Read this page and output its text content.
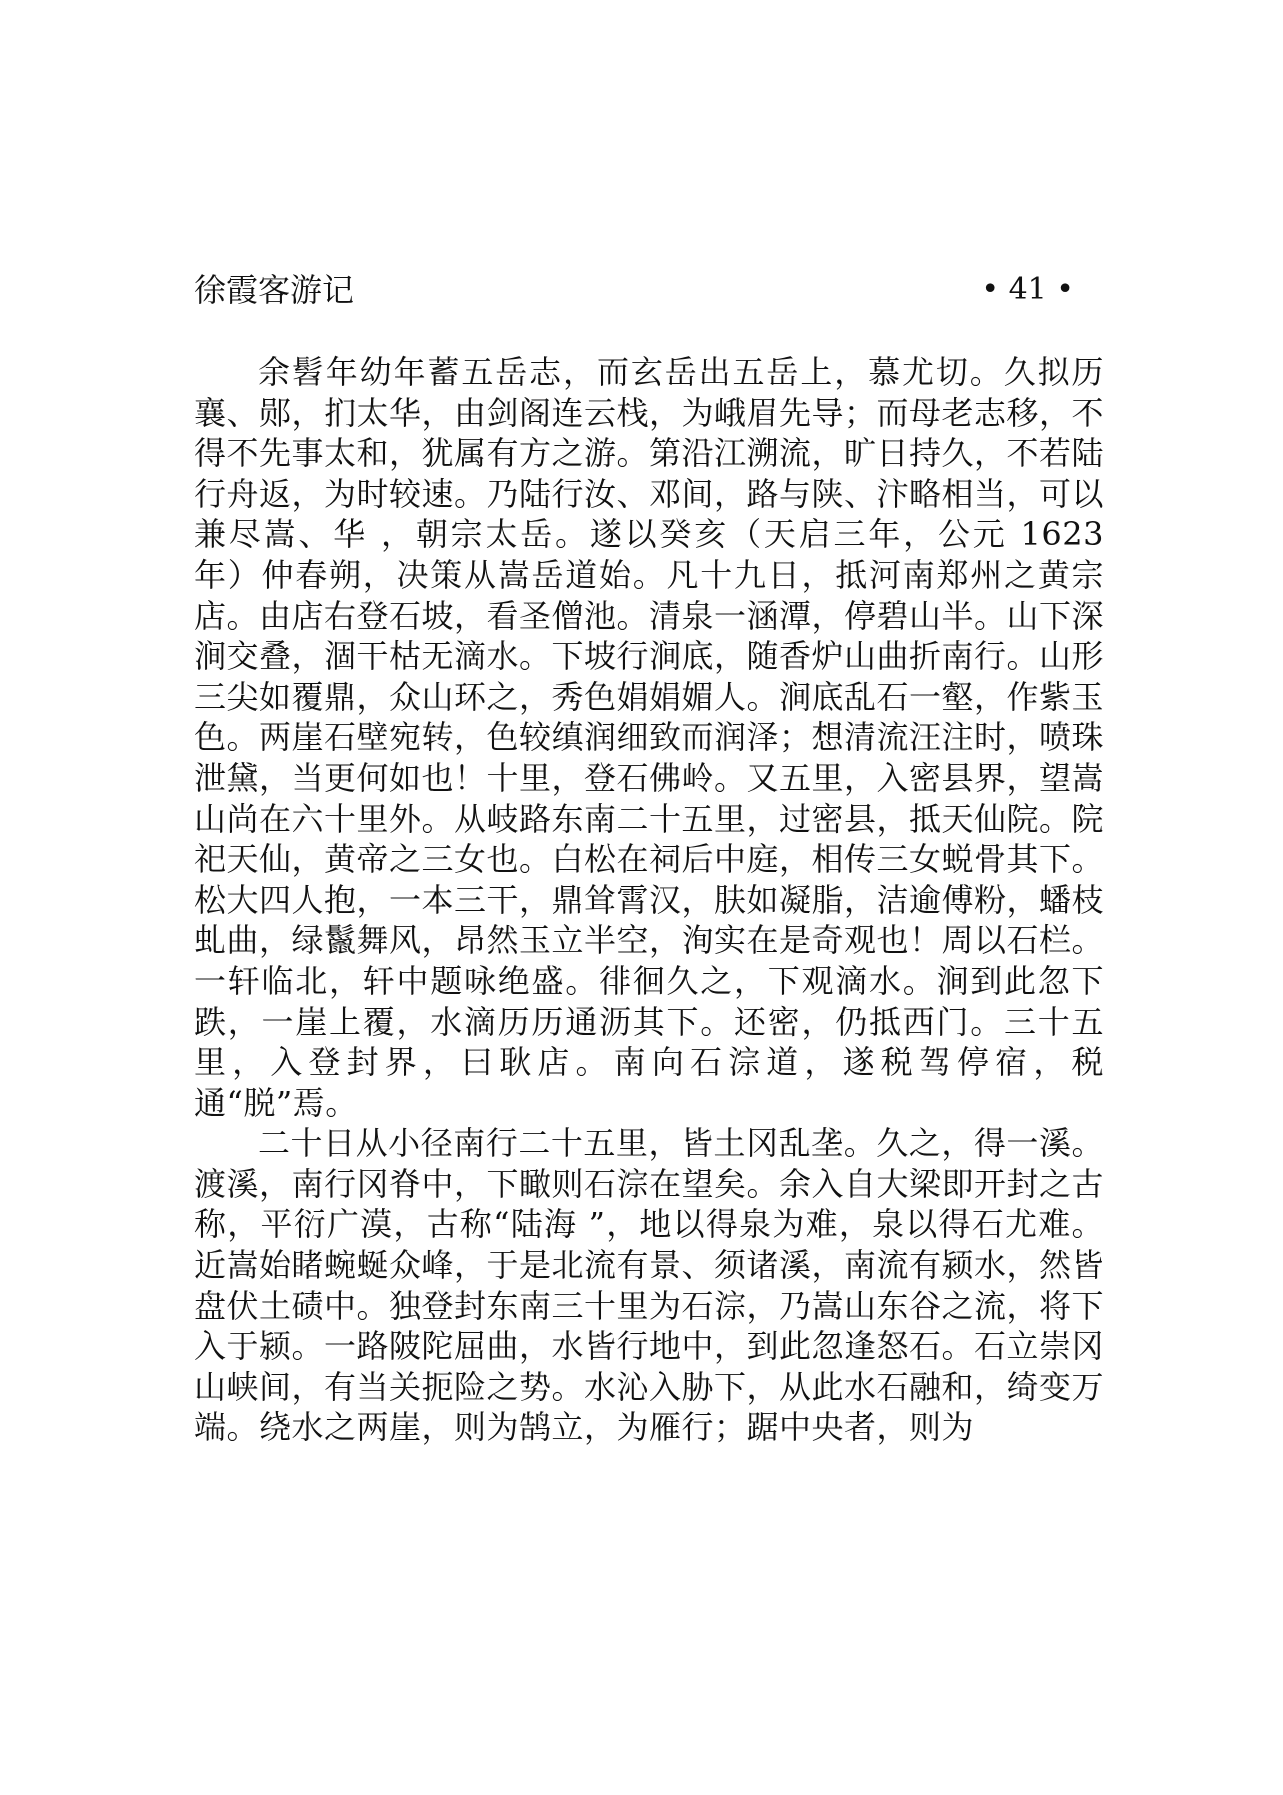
徐霞客游记	• 41 •

余髫年幼年蓄五岳志，而玄岳出五岳上，慕尤切。久拟历襄、郧，扪太华，由剑阁连云栈，为峨眉先导；而母老志移，不得不先事太和，犹属有方之游。第沿江溯流，旷日持久，不若陆行舟返，为时较速。乃陆行汝、邓间，路与陕、汴略相当，可以兼尽嵩、华 ，朝宗太岳。遂以癸亥（天启三年，公元 1623 年）仲春朔，决策从嵩岳道始。凡十九日，抵河南郑州之黄宗店。由店右登石坡，看圣僧池。清泉一涵潭，停碧山半。山下深涧交叠，涸干枯无滴水。下坡行涧底，随香炉山曲折南行。山形三尖如覆鼎，众山环之，秀色娟娟媚人。涧底乱石一壑，作紫玉色。两崖石壁宛转，色较缜润细致而润泽；想清流汪注时，喷珠泄黛，当更何如也！十里，登石佛岭。又五里，入密县界，望嵩山尚在六十里外。从岐路东南二十五里，过密县，抵天仙院。院祀天仙，黄帝之三女也。白松在祠后中庭，相传三女蜕骨其下。松大四人抱，一本三干，鼎耸霄汉，肤如凝脂，洁逾傅粉，蟠枝虬曲，绿鬣舞风，昂然玉立半空，洵实在是奇观也！周以石栏。一轩临北，轩中题咏绝盛。徘徊久之，下观滴水。涧到此忽下跌，一崖上覆，水滴历历通沥其下。还密，仍抵西门。三十五里，入登封界，曰耿店。南向石淙道，遂税驾停宿，税通“脱”焉。

二十日从小径南行二十五里，皆土冈乱垄。久之，得一溪。渡溪，南行冈脊中，下瞰则石淙在望矣。余入自大梁即开封之古称，平衍广漠，古称“陆海 ”，地以得泉为难，泉以得石尤难。近嵩始睹蜿蜒众峰，于是北流有景、须诸溪，南流有颍水，然皆盘伏土碛中。独登封东南三十里为石淙，乃嵩山东谷之流，将下入于颍。一路陂陀屈曲，水皆行地中，到此忽逢怒石。石立崇冈山峡间，有当关扼险之势。水沁入胁下，从此水石融和，绮变万端。绕水之两崖，则为鹄立，为雁行；踞中央者，则为
